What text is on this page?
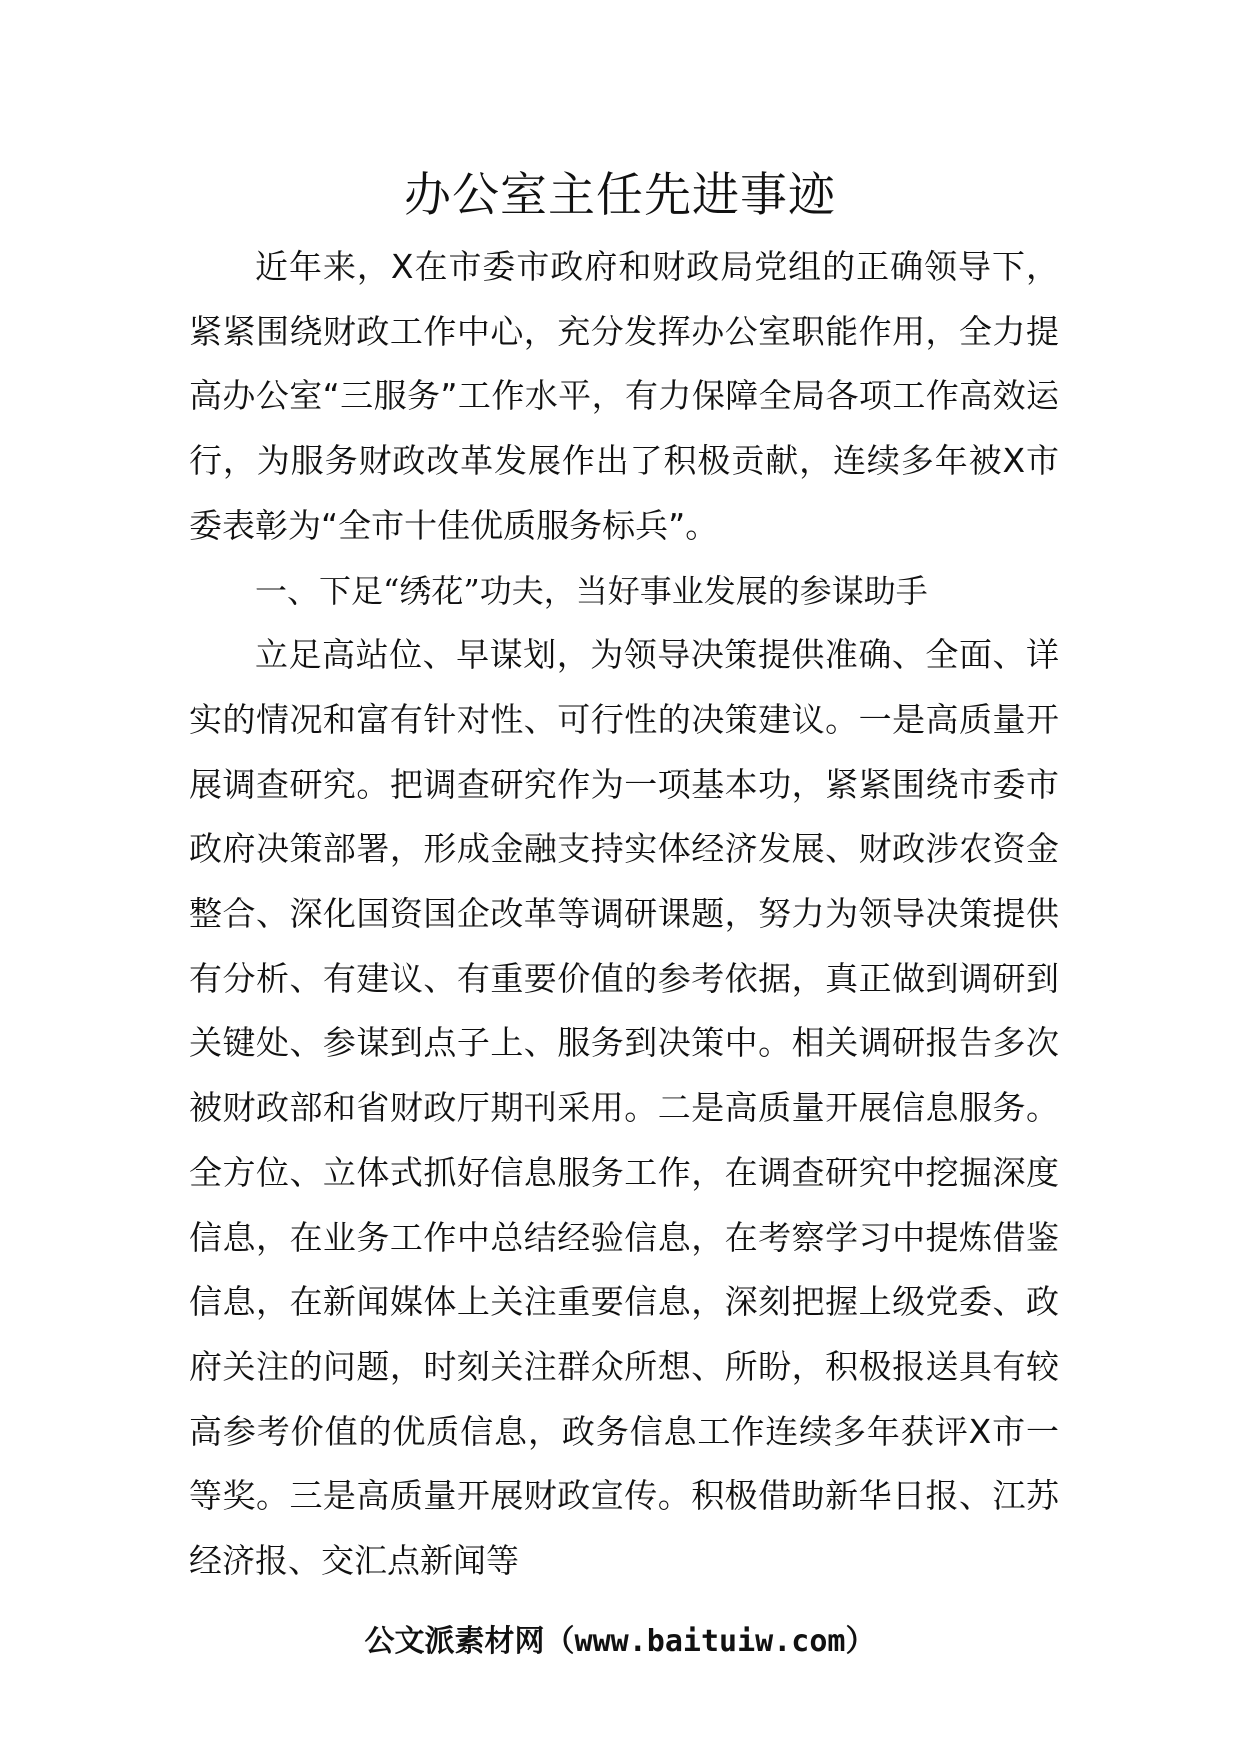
办公室主任先进事迹

近年来，X在市委市政府和财政局党组的正确领导下，紧紧围绕财政工作中心，充分发挥办公室职能作用，全力提高办公室“三服务”工作水平，有力保障全局各项工作高效运行，为服务财政改革发展作出了积极贡献，连续多年被X市委表彰为“全市十佳优质服务标兵”。

一、下足“绣花”功夫，当好事业发展的参谋助手

立足高站位、早谋划，为领导决策提供准确、全面、详实的情况和富有针对性、可行性的决策建议。一是高质量开展调查研究。把调查研究作为一项基本功，紧紧围绕市委市政府决策部署，形成金融支持实体经济发展、财政涉农资金整合、深化国资国企改革等调研课题，努力为领导决策提供有分析、有建议、有重要价值的参考依据，真正做到调研到关键处、参谋到点子上、服务到决策中。相关调研报告多次被财政部和省财政厅期刊采用。二是高质量开展信息服务。全方位、立体式抓好信息服务工作，在调查研究中挖掘深度信息，在业务工作中总结经验信息，在考察学习中提炼借鉴信息，在新闻媒体上关注重要信息，深刻把握上级党委、政府关注的问题，时刻关注群众所想、所盼，积极报送具有较高参考价值的优质信息，政务信息工作连续多年获评X市一等奖。三是高质量开展财政宣传。积极借助新华日报、江苏经济报、交汇点新闻等

公文派素材网（www.baituiw.com）
